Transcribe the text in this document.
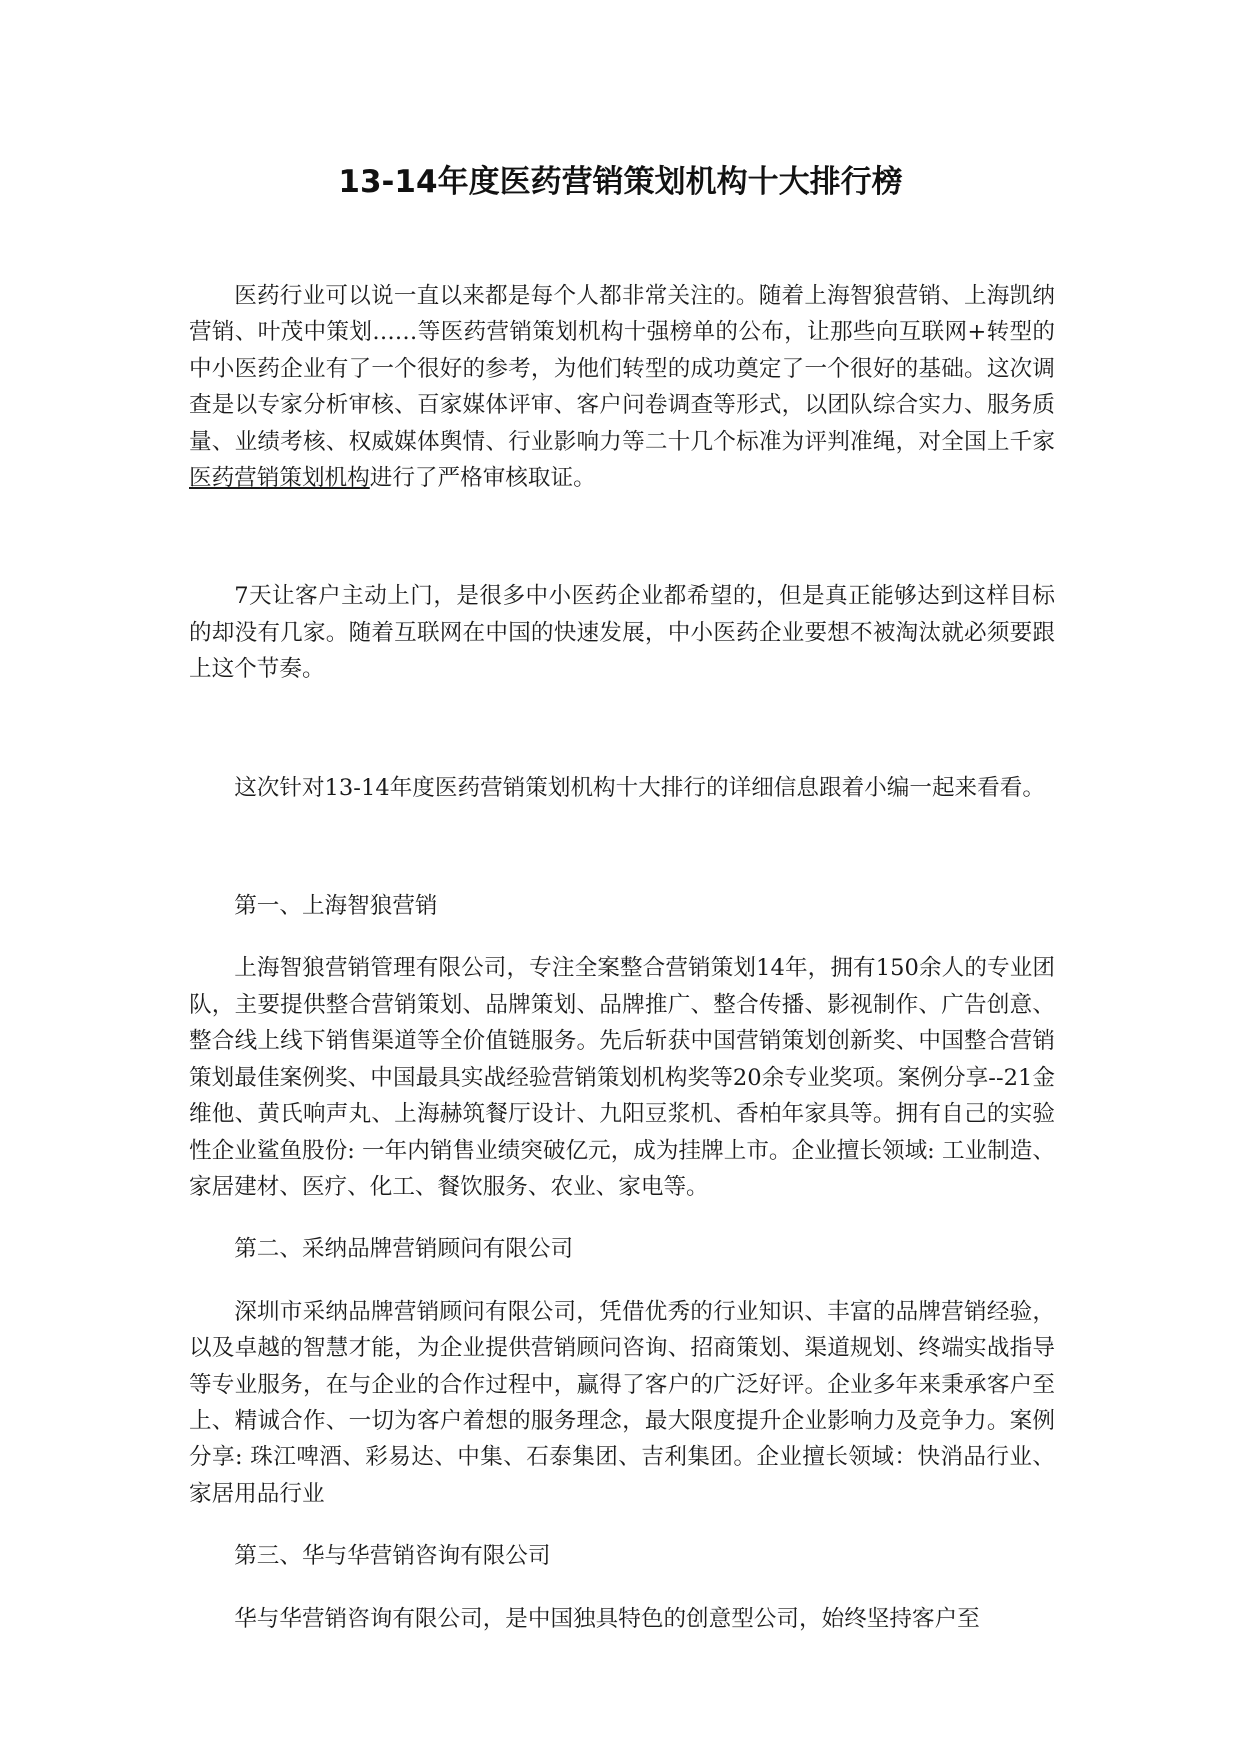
13-14年度医药营销策划机构十大排行榜

医药行业可以说一直以来都是每个人都非常关注的。随着上海智狼营销、上海凯纳营销、叶茂中策划……等医药营销策划机构十强榜单的公布，让那些向互联网+转型的中小医药企业有了一个很好的参考，为他们转型的成功奠定了一个很好的基础。这次调查是以专家分析审核、百家媒体评审、客户问卷调查等形式，以团队综合实力、服务质量、业绩考核、权威媒体舆情、行业影响力等二十几个标准为评判准绳，对全国上千家医药营销策划机构进行了严格审核取证。

7天让客户主动上门，是很多中小医药企业都希望的，但是真正能够达到这样目标的却没有几家。随着互联网在中国的快速发展，中小医药企业要想不被淘汰就必须要跟上这个节奏。

这次针对13-14年度医药营销策划机构十大排行的详细信息跟着小编一起来看看。

第一、上海智狼营销

上海智狼营销管理有限公司，专注全案整合营销策划14年，拥有150余人的专业团队，主要提供整合营销策划、品牌策划、品牌推广、整合传播、影视制作、广告创意、整合线上线下销售渠道等全价值链服务。先后斩获中国营销策划创新奖、中国整合营销策划最佳案例奖、中国最具实战经验营销策划机构奖等20余专业奖项。案例分享--21金维他、黄氏响声丸、上海赫筑餐厅设计、九阳豆浆机、香柏年家具等。拥有自己的实验性企业鲨鱼股份: 一年内销售业绩突破亿元，成为挂牌上市。企业擅长领域: 工业制造、家居建材、医疗、化工、餐饮服务、农业、家电等。

第二、采纳品牌营销顾问有限公司

深圳市采纳品牌营销顾问有限公司，凭借优秀的行业知识、丰富的品牌营销经验，以及卓越的智慧才能，为企业提供营销顾问咨询、招商策划、渠道规划、终端实战指导等专业服务，在与企业的合作过程中，赢得了客户的广泛好评。企业多年来秉承客户至上、精诚合作、一切为客户着想的服务理念，最大限度提升企业影响力及竞争力。案例分享: 珠江啤酒、彩易达、中集、石泰集团、吉利集团。企业擅长领域：快消品行业、家居用品行业

第三、华与华营销咨询有限公司

华与华营销咨询有限公司，是中国独具特色的创意型公司，始终坚持客户至
